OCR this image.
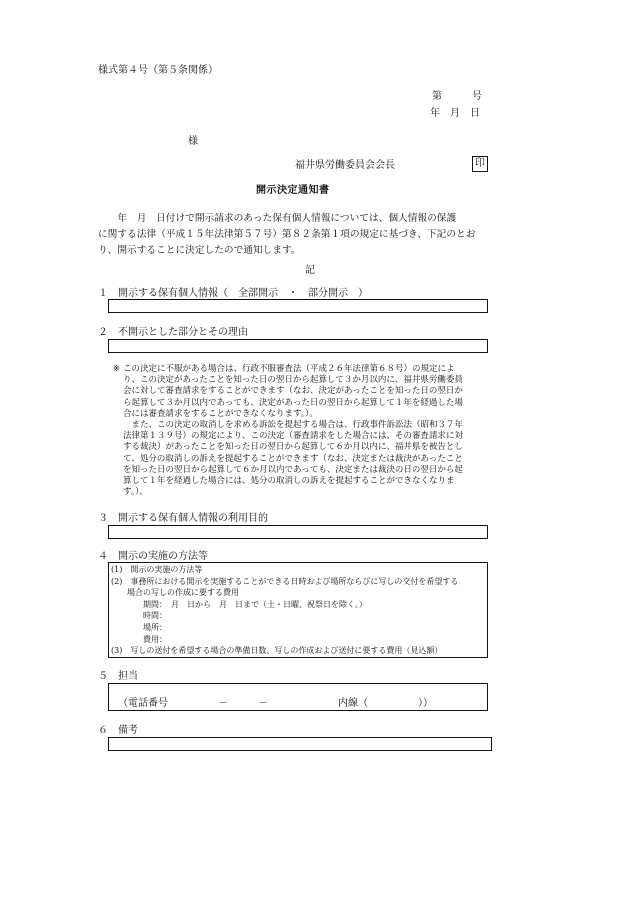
様式第４号（第５条関係）
第　　　号
年　月　日
様
福井県労働委員会会長	印
開示決定通知書
　　年　月　日付けで開示請求のあった保有個人情報については、個人情報の保護
に関する法律（平成１５年法律第５７号）第８２条第１項の規定に基づき、下記のとお
り、開示することに決定したので通知します。
記
１　開示する保有個人情報（　全部開示　・　部分開示　）
２　不開示とした部分とその理由
※ この決定に不服がある場合は、行政不服審査法（平成２６年法律第６８号）の規定によ
り、この決定があったことを知った日の翌日から起算して３か月以内に、福井県労働委員
会に対して審査請求をすることができます（なお、決定があったことを知った日の翌日か
ら起算して３か月以内であっても、決定があった日の翌日から起算して１年を経過した場
合には審査請求をすることができなくなります。）。
　また、この決定の取消しを求める訴訟を提起する場合は、行政事件訴訟法（昭和３７年
法律第１３９号）の規定により、この決定（審査請求をした場合には、その審査請求に対
する裁決）があったことを知った日の翌日から起算して６か月以内に、福井県を被告とし
て、処分の取消しの訴えを提起することができます（なお、決定または裁決があったこと
を知った日の翌日から起算して６か月以内であっても、決定または裁決の日の翌日から起
算して１年を経過した場合には、処分の取消しの訴えを提起することができなくなりま
す。）。
３　開示する保有個人情報の利用目的
４　開示の実施の方法等
(1)　開示の実施の方法等
(2)　事務所における開示を実施することができる日時および場所ならびに写しの交付を希望する
　　場合の写しの作成に要する費用
　　　　期間：　月　日から　月　日まで（土・日曜、祝祭日を除く。）
　　　　時間：
　　　　場所：
　　　　費用：
(3)　写しの送付を希望する場合の準備日数、写しの作成および送付に要する費用（見込額）
５　担当
（電話番号　　　　　－　　　－　　　　　　　内線（　　　　　））
６　備考
